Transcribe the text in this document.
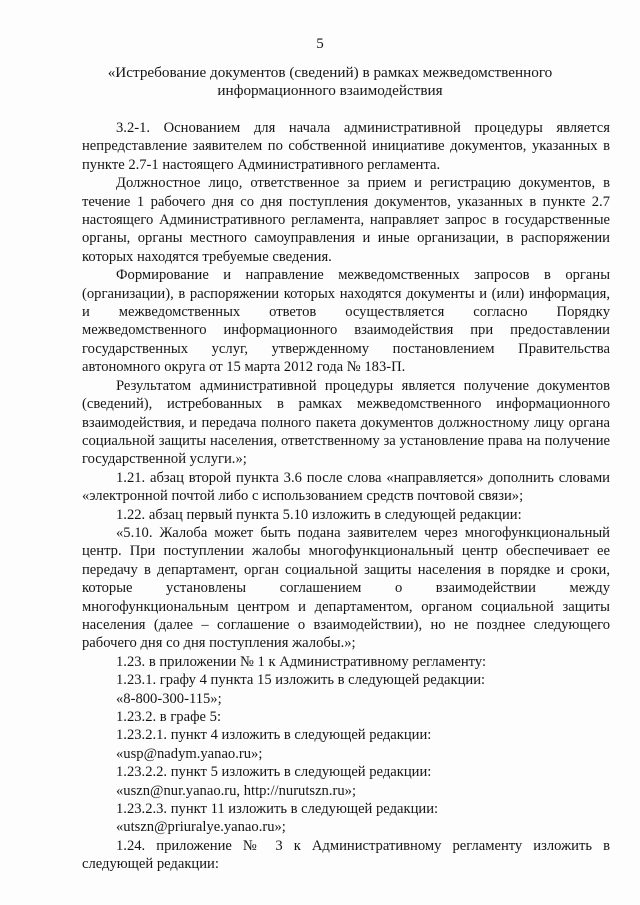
5
«Истребование документов (сведений) в рамках межведомственного информационного взаимодействия

3.2-1. Основанием для начала административной процедуры является непредставление заявителем по собственной инициативе документов, указанных в пункте 2.7-1 настоящего Административного регламента.

Должностное лицо, ответственное за прием и регистрацию документов, в течение 1 рабочего дня со дня поступления документов, указанных в пункте 2.7 настоящего Административного регламента, направляет запрос в государственные органы, органы местного самоуправления и иные организации, в распоряжении которых находятся требуемые сведения.

Формирование и направление межведомственных запросов в органы (организации), в распоряжении которых находятся документы и (или) информация, и межведомственных ответов осуществляется согласно Порядку межведомственного информационного взаимодействия при предоставлении государственных услуг, утвержденному постановлением Правительства автономного округа от 15 марта 2012 года № 183-П.

Результатом административной процедуры является получение документов (сведений), истребованных в рамках межведомственного информационного взаимодействия, и передача полного пакета документов должностному лицу органа социальной защиты населения, ответственному за установление права на получение государственной услуги.»;

1.21. абзац второй пункта 3.6 после слова «направляется» дополнить словами «электронной почтой либо с использованием средств почтовой связи»;

1.22. абзац первый пункта 5.10 изложить в следующей редакции:

«5.10. Жалоба может быть подана заявителем через многофункциональный центр. При поступлении жалобы многофункциональный центр обеспечивает ее передачу в департамент, орган социальной защиты населения в порядке и сроки, которые установлены соглашением о взаимодействии между многофункциональным центром и департаментом, органом социальной защиты населения (далее – соглашение о взаимодействии), но не позднее следующего рабочего дня со дня поступления жалобы.»;

1.23. в приложении № 1 к Административному регламенту:

1.23.1. графу 4 пункта 15 изложить в следующей редакции:

«8-800-300-115»;

1.23.2. в графе 5:

1.23.2.1. пункт 4 изложить в следующей редакции:

«usp@nadym.yanao.ru»;

1.23.2.2. пункт 5 изложить в следующей редакции:

«uszn@nur.yanao.ru, http://nurutszn.ru»;

1.23.2.3. пункт 11 изложить в следующей редакции:

«utszn@priuralye.yanao.ru»;

1.24. приложение № 3 к Административному регламенту изложить в следующей редакции:
